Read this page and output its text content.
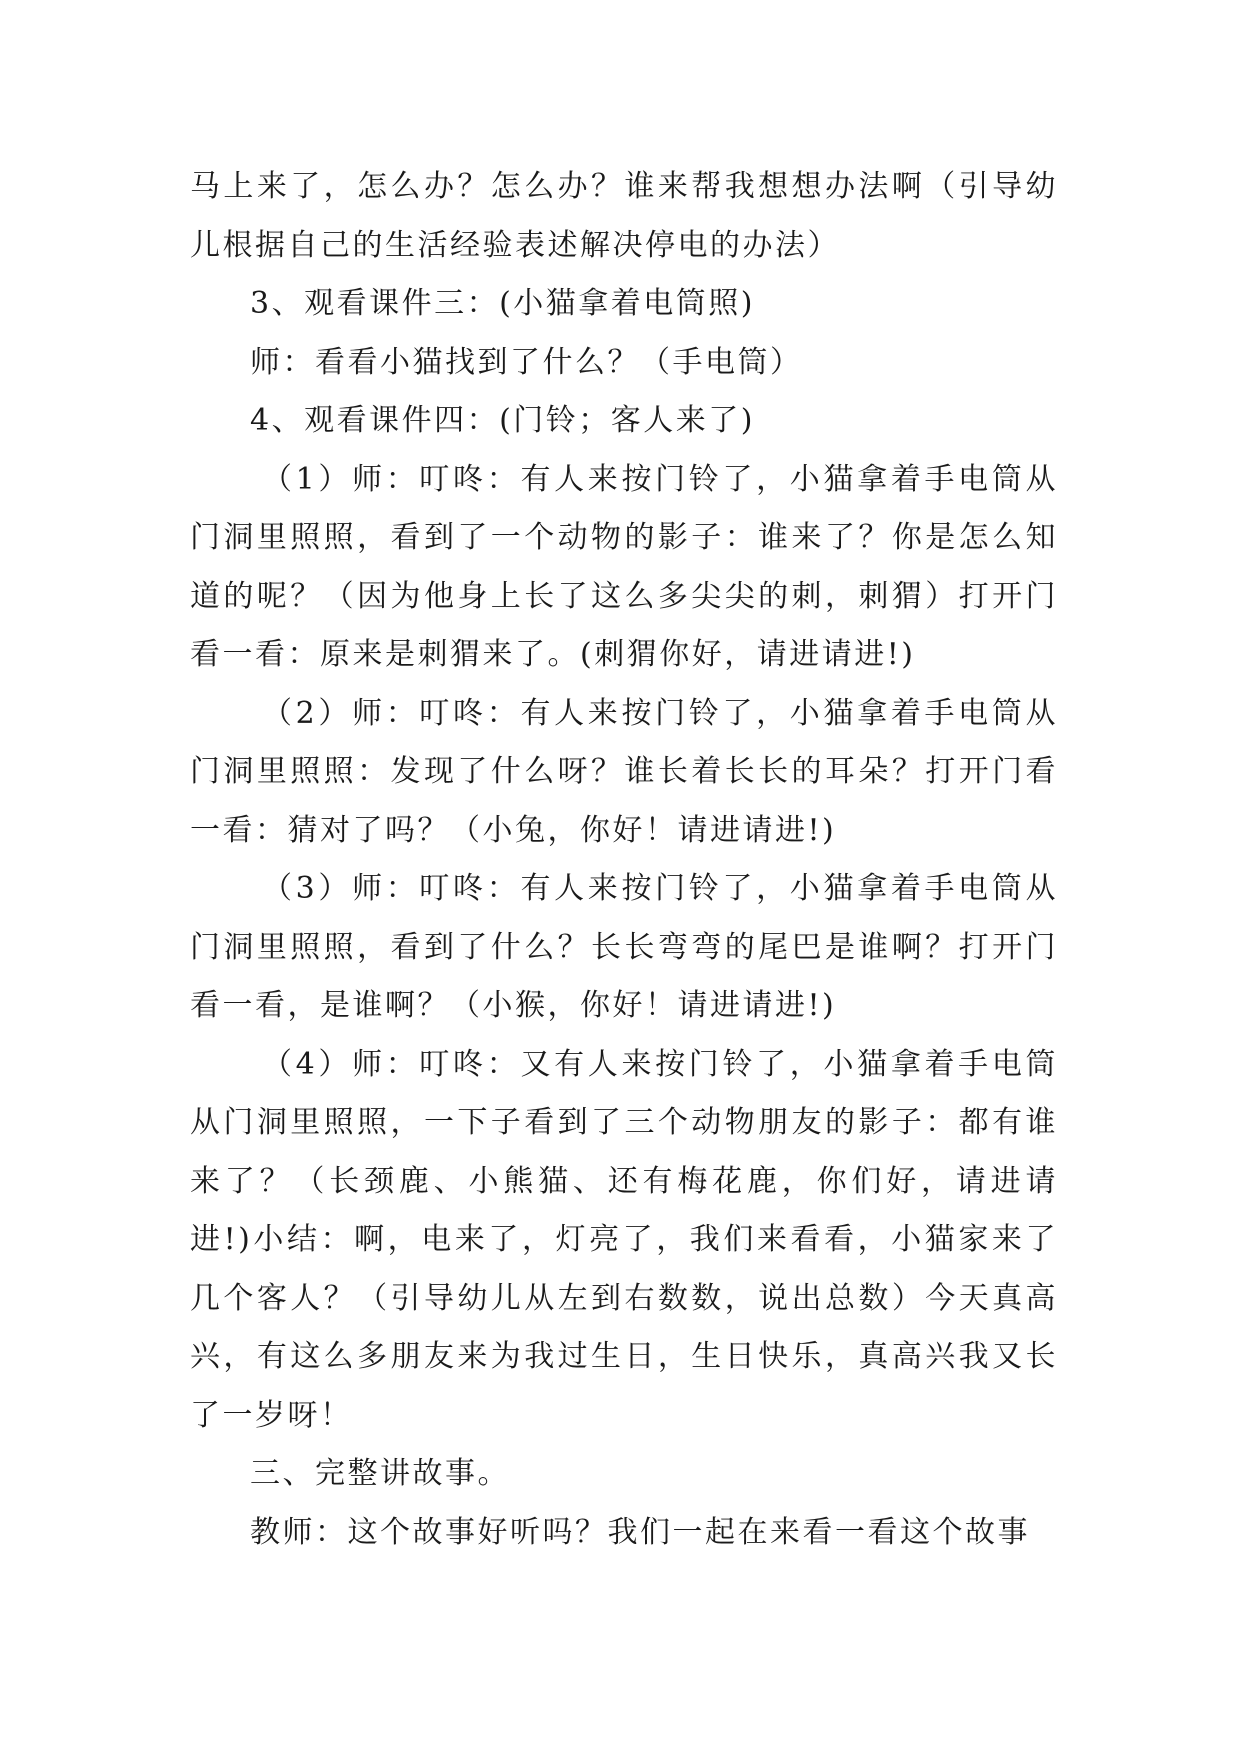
马上来了，怎么办？怎么办？谁来帮我想想办法啊（引导幼儿根据自己的生活经验表述解决停电的办法）

3、观看课件三：(小猫拿着电筒照)

师：看看小猫找到了什么？（手电筒）

4、观看课件四：(门铃；客人来了)

（1）师：叮咚：有人来按门铃了，小猫拿着手电筒从门洞里照照，看到了一个动物的影子：谁来了？你是怎么知道的呢？（因为他身上长了这么多尖尖的刺，刺猬）打开门看一看：原来是刺猬来了。(刺猬你好，请进请进!)

（2）师：叮咚：有人来按门铃了，小猫拿着手电筒从门洞里照照：发现了什么呀？谁长着长长的耳朵？打开门看一看：猜对了吗？（小兔，你好！请进请进!)

（3）师：叮咚：有人来按门铃了，小猫拿着手电筒从门洞里照照，看到了什么？长长弯弯的尾巴是谁啊？打开门看一看，是谁啊？（小猴，你好！请进请进!)

（4）师：叮咚：又有人来按门铃了，小猫拿着手电筒从门洞里照照，一下子看到了三个动物朋友的影子：都有谁来了？（长颈鹿、小熊猫、还有梅花鹿，你们好，请进请进!)小结：啊，电来了，灯亮了，我们来看看，小猫家来了几个客人？（引导幼儿从左到右数数，说出总数）今天真高兴，有这么多朋友来为我过生日，生日快乐，真高兴我又长了一岁呀！

三、完整讲故事。

教师：这个故事好听吗？我们一起在来看一看这个故事
